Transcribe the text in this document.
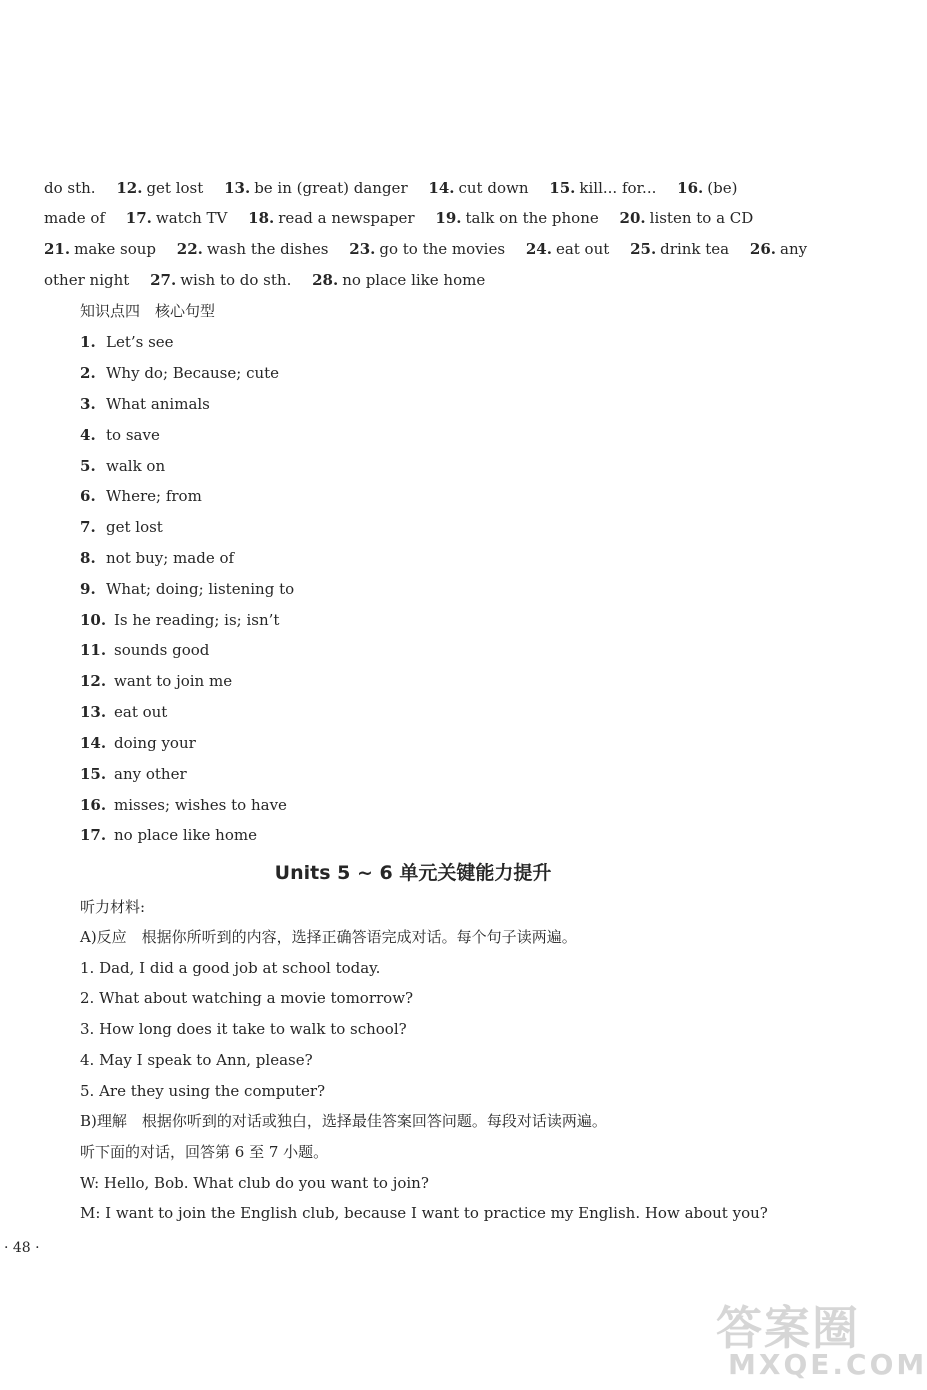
do sth. 12. get lost 13. be in (great) danger 14. cut down 15. kill... for... 16. (be)
made of 17. watch TV 18. read a newspaper 19. talk on the phone 20. listen to a CD
21. make soup 22. wash the dishes 23. go to the movies 24. eat out 25. drink tea 26. any
other night 27. wish to do sth. 28. no place like home
知识点四　核心句型
1. Let’s see
2. Why do; Because; cute
3. What animals
4. to save
5. walk on
6. Where; from
7. get lost
8. not buy; made of
9. What; doing; listening to
10. Is he reading; is; isn’t
11. sounds good
12. want to join me
13. eat out
14. doing your
15. any other
16. misses; wishes to have
17. no place like home
Units 5 ~ 6 单元关键能力提升
听力材料:
A)反应　根据你所听到的内容，选择正确答语完成对话。每个句子读两遍。
1. Dad, I did a good job at school today.
2. What about watching a movie tomorrow?
3. How long does it take to walk to school?
4. May I speak to Ann, please?
5. Are they using the computer?
B)理解　根据你听到的对话或独白，选择最佳答案回答问题。每段对话读两遍。
听下面的对话，回答第 6 至 7 小题。
W: Hello, Bob. What club do you want to join?
M: I want to join the English club, because I want to practice my English. How about you?
· 48 ·
答案圈
MXQE.COM
